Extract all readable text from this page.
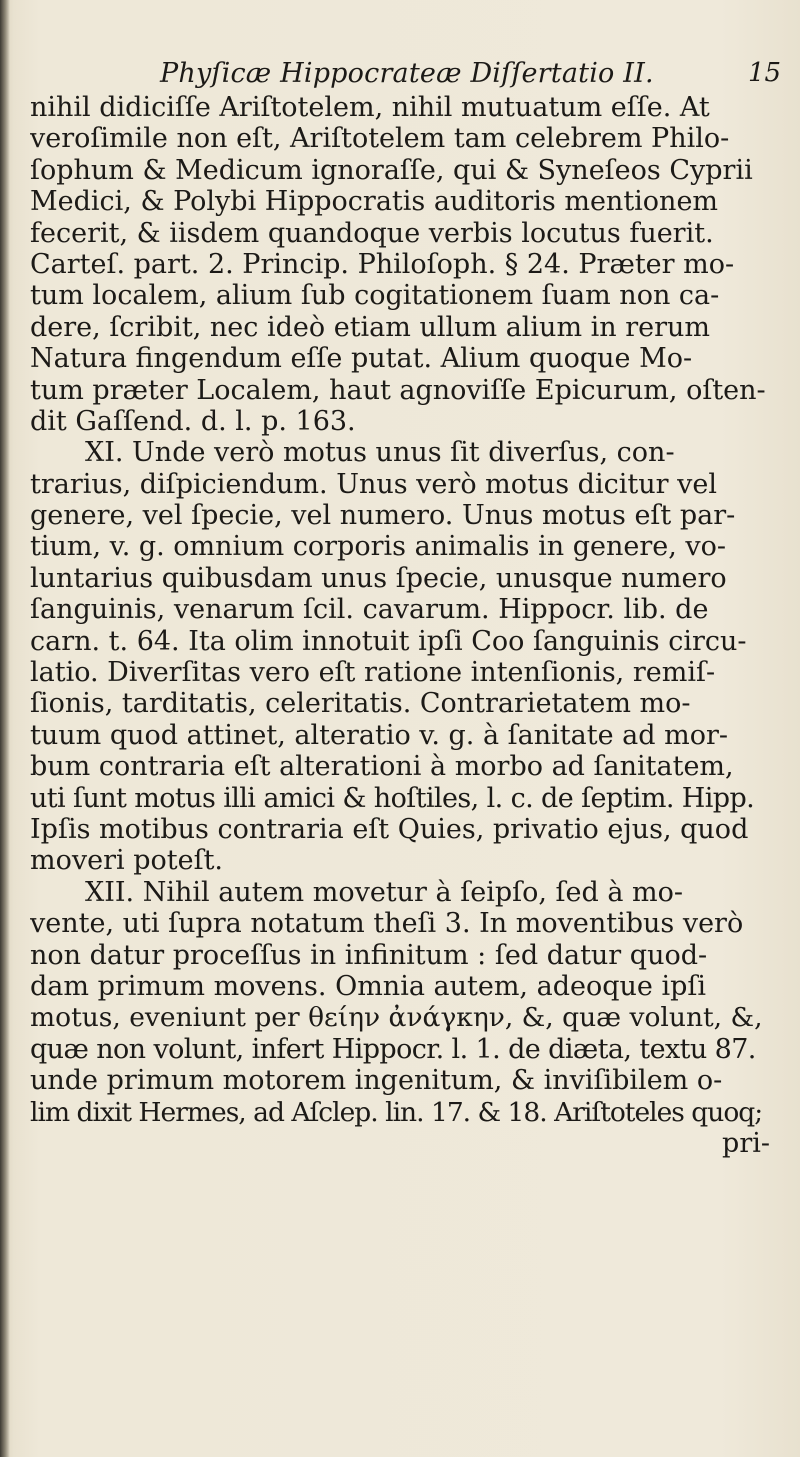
Phyſicæ Hippocrateæ Diſſertatio II.	15
nihil didiciſſe Ariſtotelem, nihil mutuatum eſſe. At
veroſimile non eſt, Ariſtotelem tam celebrem Philo-
ſophum & Medicum ignoraſſe, qui & Syneſeos Cyprii
Medici, & Polybi Hippocratis auditoris mentionem
fecerit, & iisdem quandoque verbis locutus fuerit.
Carteſ. part. 2. Princip. Philoſoph. § 24. Præter mo-
tum localem, alium ſub cogitationem ſuam non ca-
dere, ſcribit, nec ideò etiam ullum alium in rerum
Natura fingendum eſſe putat. Alium quoque Mo-
tum præter Localem, haut agnoviſſe Epicurum, oſten-
dit Gaſſend. d. l. p. 163.
XI. Unde verò motus unus ſit diverſus, con-
trarius, diſpiciendum. Unus verò motus dicitur vel
genere, vel ſpecie, vel numero. Unus motus eſt par-
tium, v. g. omnium corporis animalis in genere, vo-
luntarius quibusdam unus ſpecie, unusque numero
ſanguinis, venarum ſcil. cavarum. Hippocr. lib. de
carn. t. 64. Ita olim innotuit ipſi Coo ſanguinis circu-
latio. Diverſitas vero eſt ratione intenſionis, remiſ-
ſionis, tarditatis, celeritatis. Contrarietatem mo-
tuum quod attinet, alteratio v. g. à ſanitate ad mor-
bum contraria eſt alterationi à morbo ad ſanitatem,
uti ſunt motus illi amici & hoſtiles, l. c. de ſeptim. Hipp.
Ipſis motibus contraria eſt Quies, privatio ejus, quod
moveri poteſt.
XII. Nihil autem movetur à ſeipſo, ſed à mo-
vente, uti ſupra notatum theſi 3. In moventibus verò
non datur proceſſus in infinitum : ſed datur quod-
dam primum movens. Omnia autem, adeoque ipſi
motus, eveniunt per θείην ἀνάγκην, &, quæ volunt, &,
quæ non volunt, infert Hippocr. l. 1. de diæta, textu 87.
unde primum motorem ingenitum, & inviſibilem o-
lim dixit Hermes, ad Aſclep. lin. 17. & 18. Ariſtoteles quoq;
pri-
